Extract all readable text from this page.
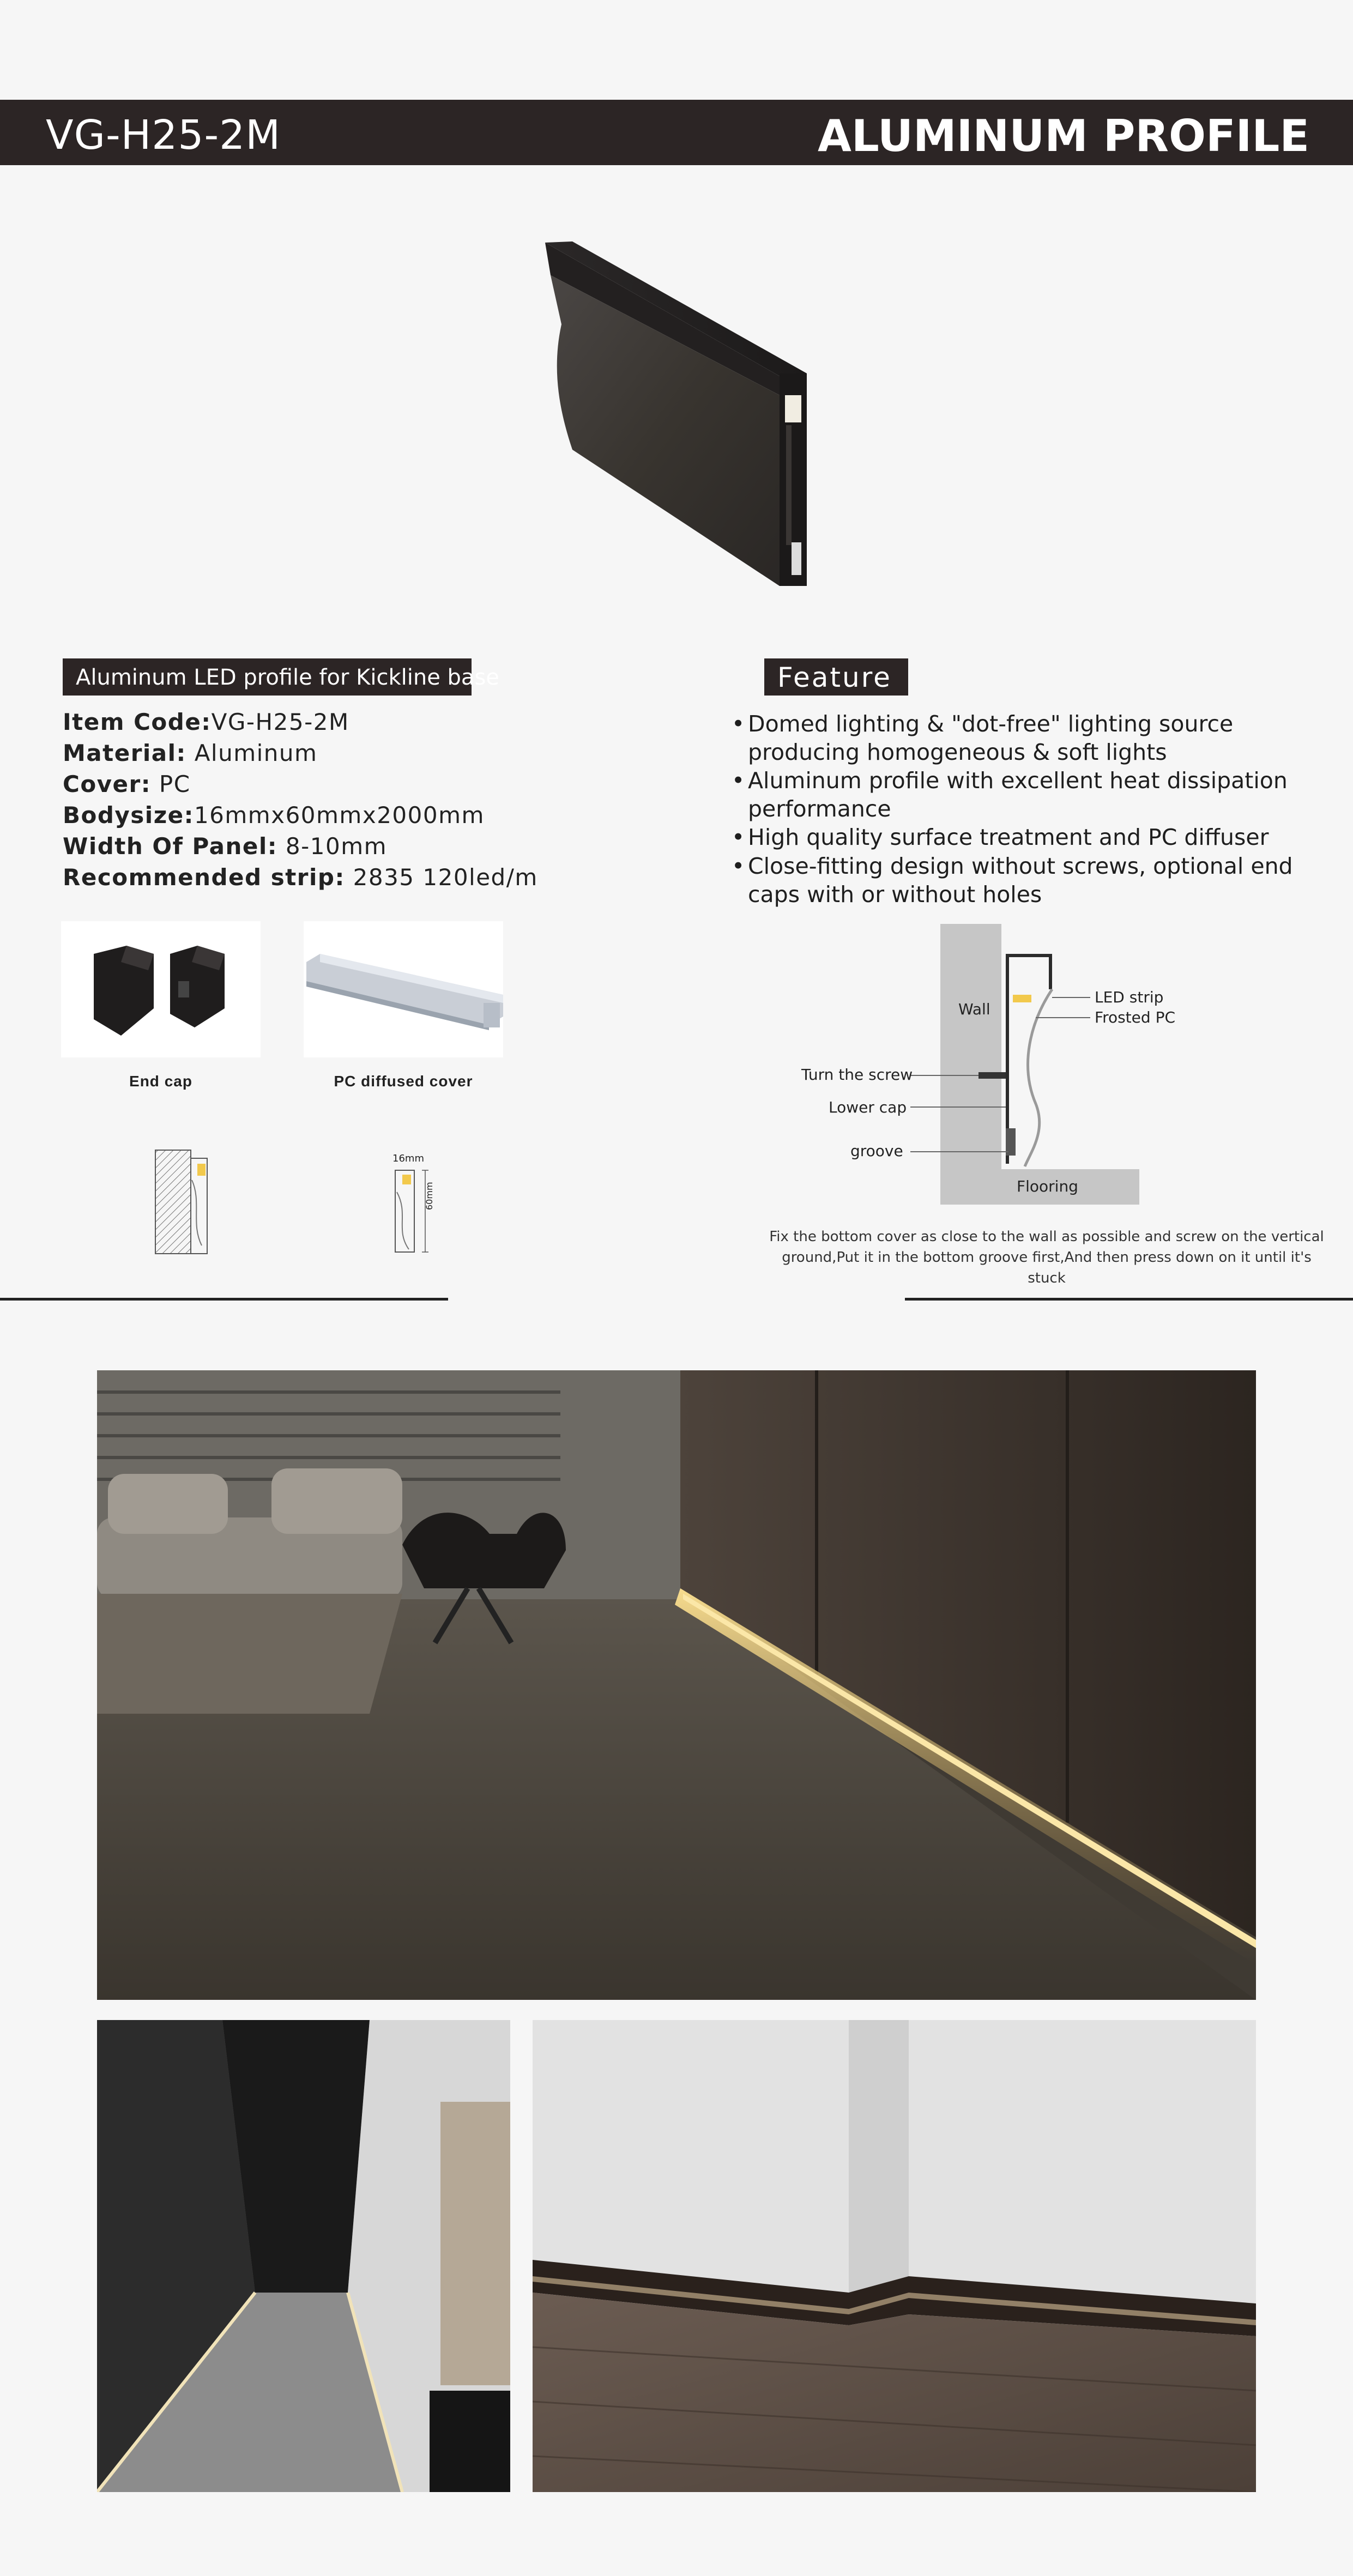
VG-H25-2M	ALUMINUM PROFILE
Aluminum LED profile for Kickline base
Item Code:VG-H25-2M
Material: Aluminum
Cover: PC
Bodysize:16mmx60mmx2000mm
Width Of Panel: 8-10mm
Recommended strip: 2835 120led/m
End cap	PC diffused cover
16mm
60mm
Feature
• Domed lighting & "dot-free" lighting source producing homogeneous & soft lights
• Aluminum profile with excellent heat dissipation performance
• High quality surface treatment and PC diffuser
• Close-fitting design without screws, optional end caps with or without holes
Wall
Flooring
LED strip
Frosted PC
Turn the screw
Lower cap
groove
Fix the bottom cover as close to the wall as possible and screw on the vertical ground,Put it in the bottom groove first,And then press down on it until it's stuck
